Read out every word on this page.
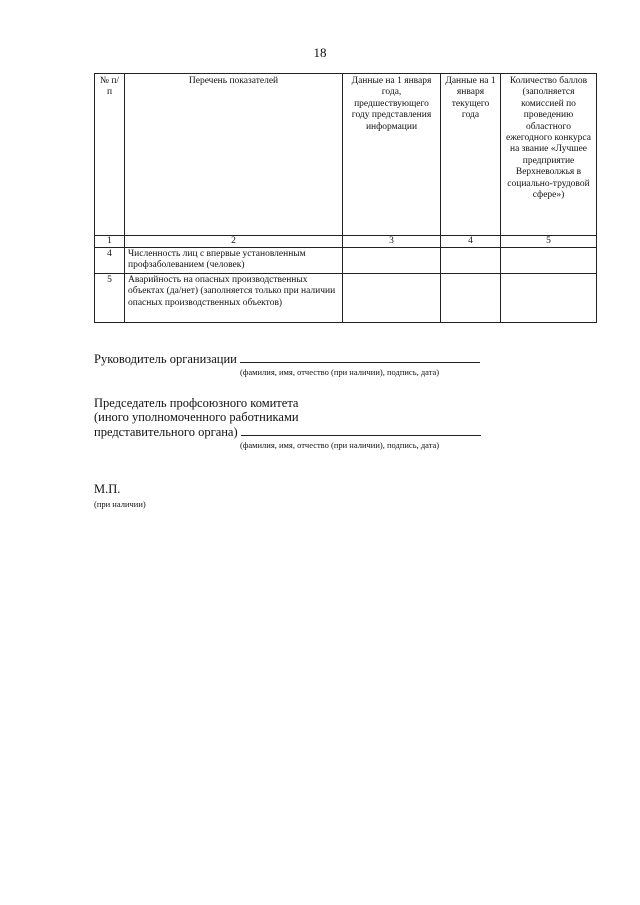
18
№ п/п	Перечень показателей	Данные на 1 января года, предшествующего году представления информации	Данные на 1 января текущего года	Количество баллов (заполняется комиссией по проведению областного ежегодного конкурса на звание «Лучшее предприятие Верхневолжья в социально-трудовой сфере»)
1	2	3	4	5
4	Численность лиц с впервые установленным профзаболеванием (человек)			
5	Аварийность на опасных производственных объектах (да/нет) (заполняется только при наличии опасных производственных объектов)			
Руководитель организации
(фамилия, имя, отчество (при наличии), подпись, дата)
Председатель профсоюзного комитета
(иного уполномоченного работниками
представительного органа)
(фамилия, имя, отчество (при наличии), подпись, дата)
М.П.
(при наличии)
